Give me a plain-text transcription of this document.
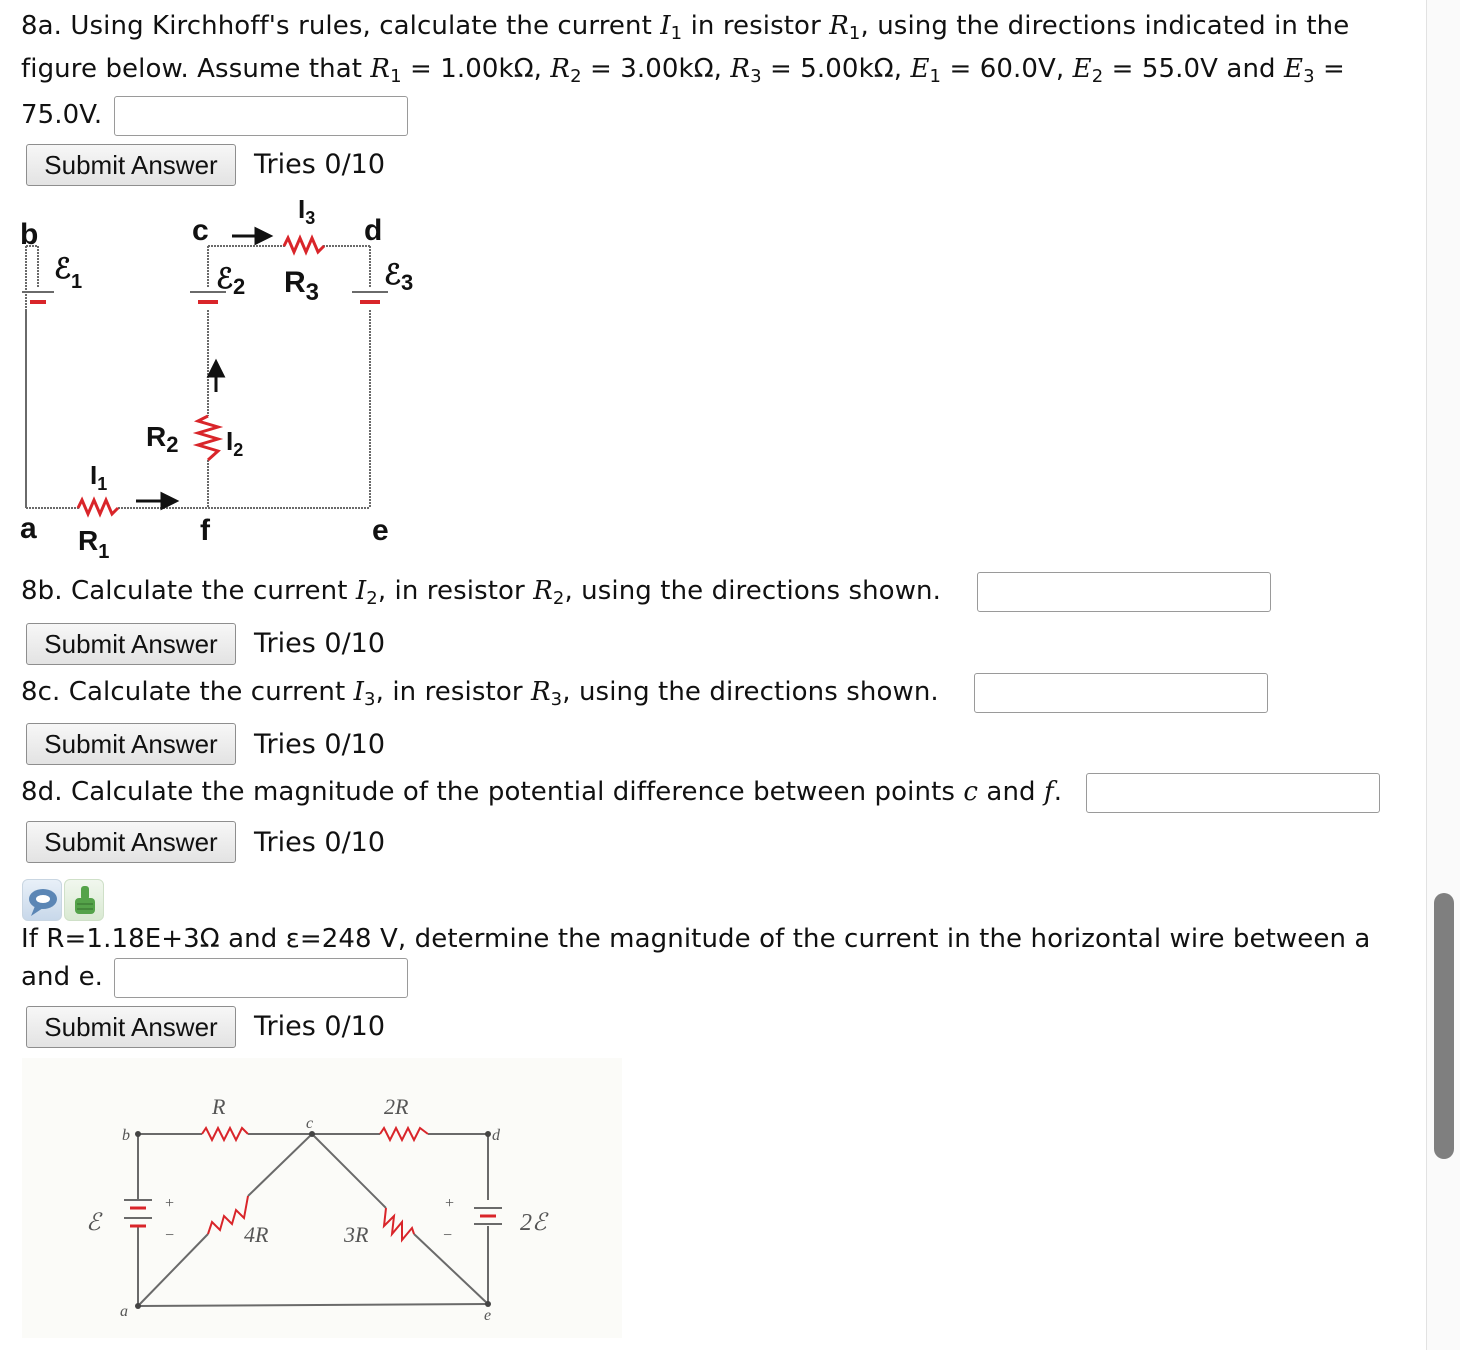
8a. Using Kirchhoff's rules, calculate the current $I_1$ in resistor $R_1$, using the directions indicated in the
figure below. Assume that $R_1 = 1.00k\Omega$, $R_2 = 3.00k\Omega$, $R_3 = 5.00k\Omega$, $E_1 = 60.0V$, $E_2 = 55.0V$ and $E_3$ =
75.0V.
Submit Answer	Tries 0/10
b	c	d
a	f	e
$I_3$
ℰ$_1$	ℰ$_2$ $R_3$
ℰ$_3$
$R_2$ $I_2$
$I_1$
$R_1$
8b. Calculate the current $I_2$, in resistor $R_2$, using the directions shown.
Submit Answer	Tries 0/10
8c. Calculate the current $I_3$, in resistor $R_3$, using the directions shown.
Submit Answer	Tries 0/10
8d. Calculate the magnitude of the potential difference between points c and f.
Submit Answer	Tries 0/10
If R=1.18E+3Ω and ε=248 V, determine the magnitude of the current in the horizontal wire between a
and e.
Submit Answer	Tries 0/10
R	2R
4R	3R
ℰ	2ℰ
b
c
d
a	e
+
−
+
−
